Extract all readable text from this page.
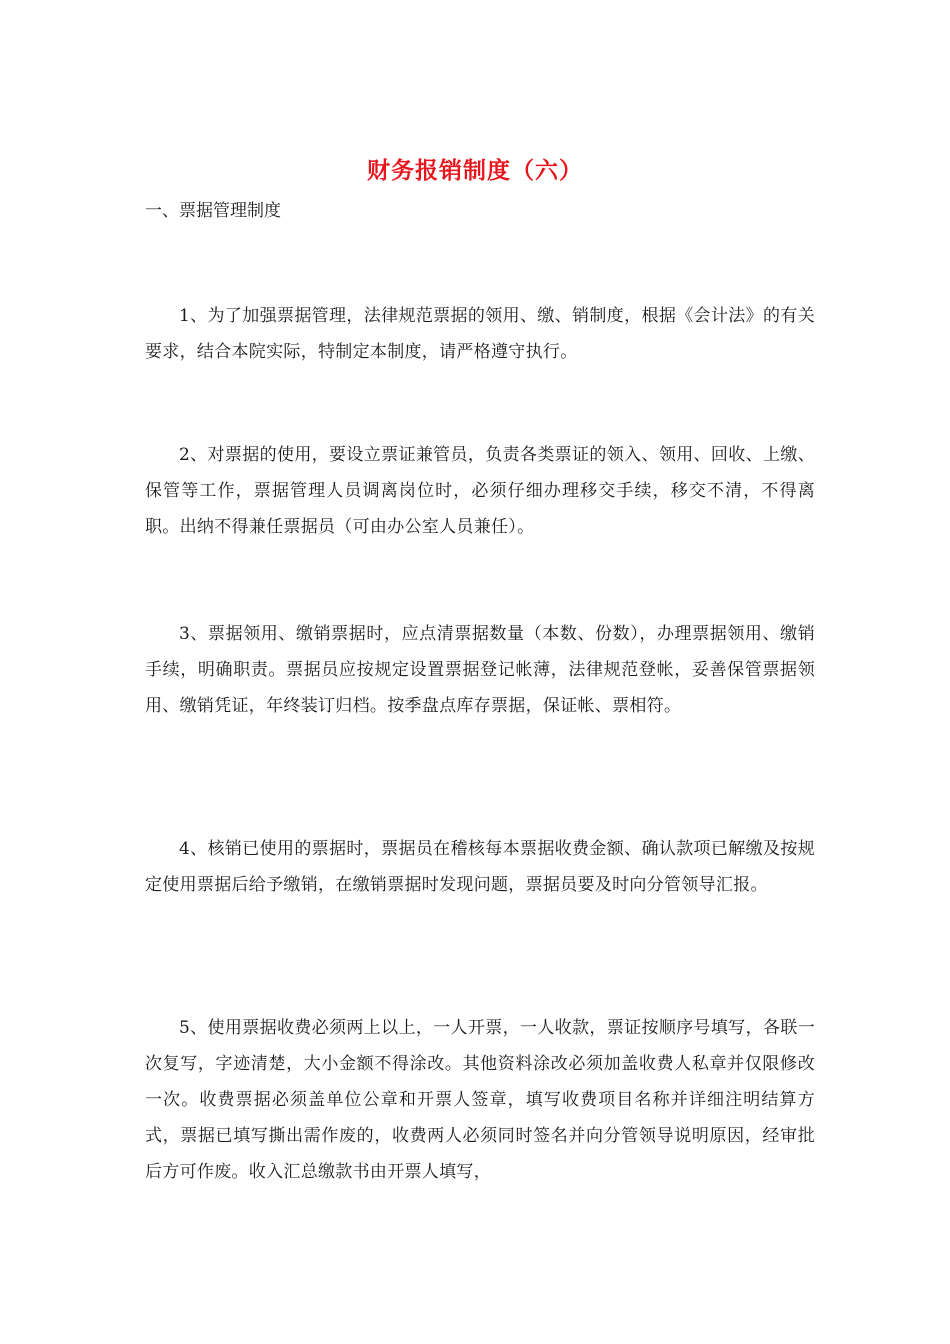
财务报销制度（六）
一、票据管理制度

1、为了加强票据管理，法律规范票据的领用、缴、销制度，根据《会计法》的有关要求，结合本院实际，特制定本制度，请严格遵守执行。

2、对票据的使用，要设立票证兼管员，负责各类票证的领入、领用、回收、上缴、保管等工作，票据管理人员调离岗位时，必须仔细办理移交手续，移交不清，不得离职。出纳不得兼任票据员（可由办公室人员兼任）。

3、票据领用、缴销票据时，应点清票据数量（本数、份数），办理票据领用、缴销手续，明确职责。票据员应按规定设置票据登记帐薄，法律规范登帐，妥善保管票据领用、缴销凭证，年终装订归档。按季盘点库存票据，保证帐、票相符。

4、核销已使用的票据时，票据员在稽核每本票据收费金额、确认款项已解缴及按规定使用票据后给予缴销，在缴销票据时发现问题，票据员要及时向分管领导汇报。

5、使用票据收费必须两上以上，一人开票，一人收款，票证按顺序号填写，各联一次复写，字迹清楚，大小金额不得涂改。其他资料涂改必须加盖收费人私章并仅限修改一次。收费票据必须盖单位公章和开票人签章，填写收费项目名称并详细注明结算方式，票据已填写撕出需作废的，收费两人必须同时签名并向分管领导说明原因，经审批后方可作废。收入汇总缴款书由开票人填写，
